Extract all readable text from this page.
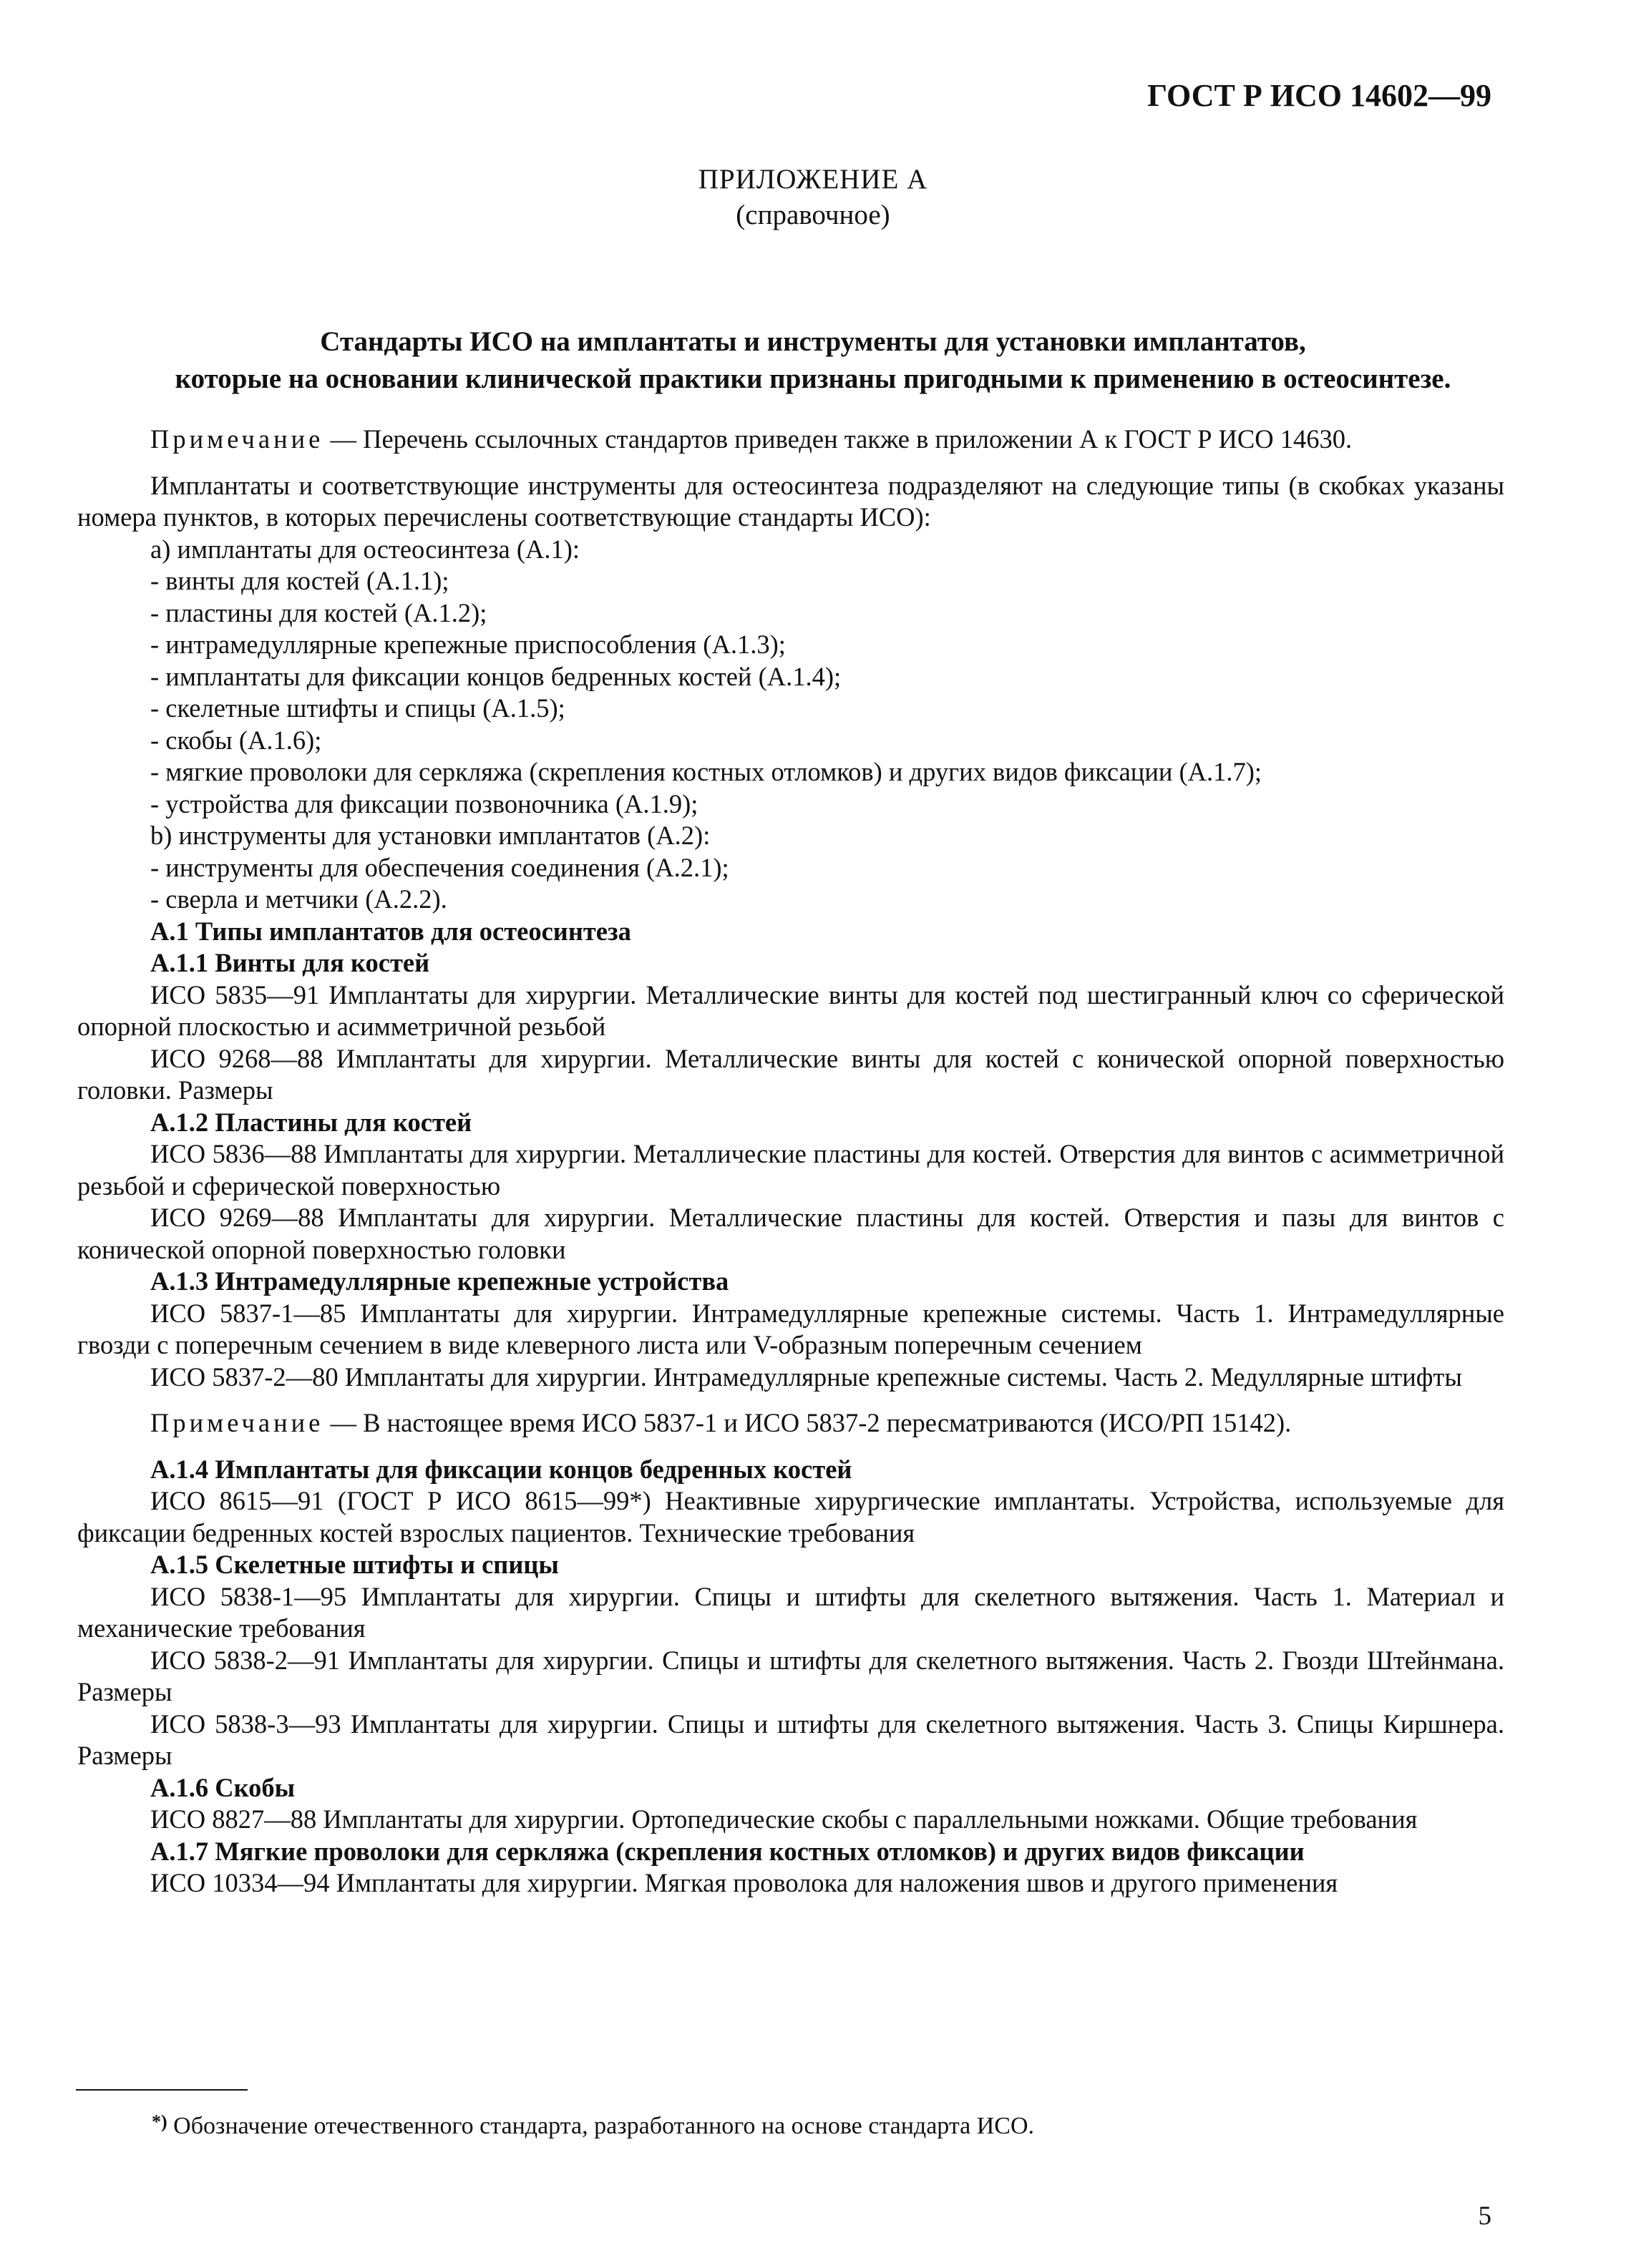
ГОСТ Р ИСО 14602—99
ПРИЛОЖЕНИЕ А
(справочное)
Стандарты ИСО на имплантаты и инструменты для установки имплантатов,
которые на основании клинической практики признаны пригодными к применению в остеосинтезе.

Примечание — Перечень ссылочных стандартов приведен также в приложении А к ГОСТ Р ИСО 14630.

Имплантаты и соответствующие инструменты для остеосинтеза подразделяют на следующие типы (в скобках указаны номера пунктов, в которых перечислены соответствующие стандарты ИСО):

а) имплантаты для остеосинтеза (А.1):
- винты для костей (А.1.1);
- пластины для костей (А.1.2);
- интрамедуллярные крепежные приспособления (А.1.3);
- имплантаты для фиксации концов бедренных костей (А.1.4);
- скелетные штифты и спицы (А.1.5);
- скобы (А.1.6);
- мягкие проволоки для серкляжа (скрепления костных отломков) и других видов фиксации (А.1.7);
- устройства для фиксации позвоночника (А.1.9);
b) инструменты для установки имплантатов (А.2):
- инструменты для обеспечения соединения (А.2.1);
- сверла и метчики (А.2.2).
А.1 Типы имплантатов для остеосинтеза
А.1.1 Винты для костей

ИСО 5835—91 Имплантаты для хирургии. Металлические винты для костей под шестигранный ключ со сферической опорной плоскостью и асимметричной резьбой

ИСО 9268—88 Имплантаты для хирургии. Металлические винты для костей с конической опорной поверхностью головки. Размеры

А.1.2 Пластины для костей

ИСО 5836—88 Имплантаты для хирургии. Металлические пластины для костей. Отверстия для винтов с асимметричной резьбой и сферической поверхностью

ИСО 9269—88 Имплантаты для хирургии. Металлические пластины для костей. Отверстия и пазы для винтов с конической опорной поверхностью головки

А.1.3 Интрамедуллярные крепежные устройства

ИСО 5837-1—85 Имплантаты для хирургии. Интрамедуллярные крепежные системы. Часть 1. Интрамедуллярные гвозди с поперечным сечением в виде клеверного листа или V-образным поперечным сечением

ИСО 5837-2—80 Имплантаты для хирургии. Интрамедуллярные крепежные системы. Часть 2. Медуллярные штифты

Примечание — В настоящее время ИСО 5837-1 и ИСО 5837-2 пересматриваются (ИСО/РП 15142).

А.1.4 Имплантаты для фиксации концов бедренных костей

ИСО 8615—91 (ГОСТ Р ИСО 8615—99*) Неактивные хирургические имплантаты. Устройства, используемые для фиксации бедренных костей взрослых пациентов. Технические требования

А.1.5 Скелетные штифты и спицы

ИСО 5838-1—95 Имплантаты для хирургии. Спицы и штифты для скелетного вытяжения. Часть 1. Материал и механические требования

ИСО 5838-2—91 Имплантаты для хирургии. Спицы и штифты для скелетного вытяжения. Часть 2. Гвозди Штейнмана. Размеры

ИСО 5838-3—93 Имплантаты для хирургии. Спицы и штифты для скелетного вытяжения. Часть 3. Спицы Киршнера. Размеры

А.1.6 Скобы

ИСО 8827—88 Имплантаты для хирургии. Ортопедические скобы с параллельными ножками. Общие требования

А.1.7 Мягкие проволоки для серкляжа (скрепления костных отломков) и других видов фиксации

ИСО 10334—94 Имплантаты для хирургии. Мягкая проволока для наложения швов и другого применения

*) Обозначение отечественного стандарта, разработанного на основе стандарта ИСО.
5
